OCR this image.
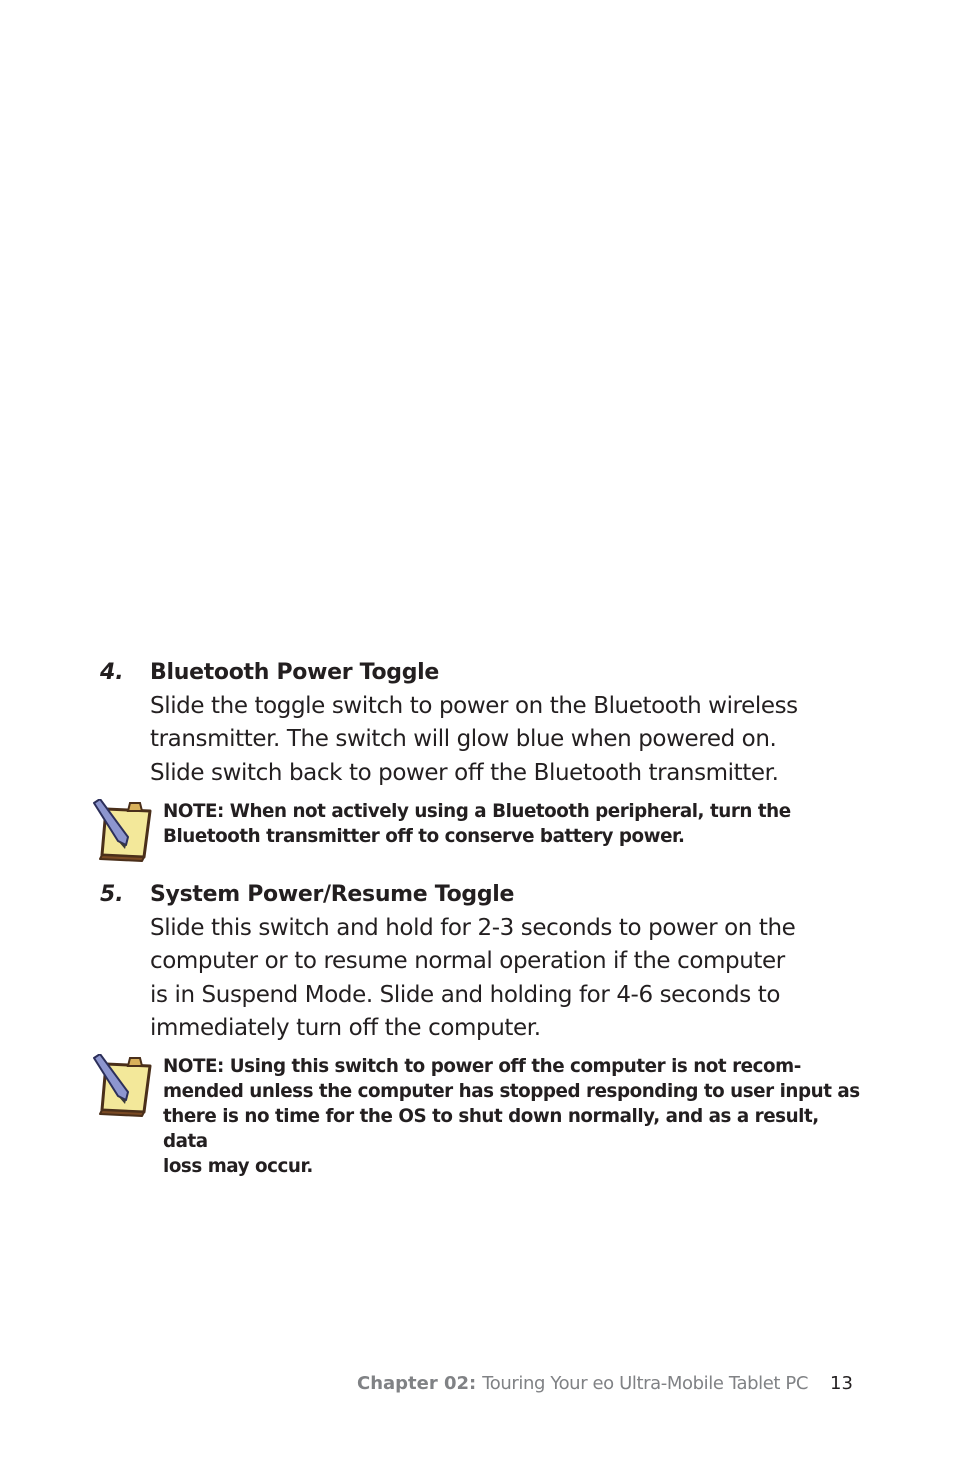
4. Bluetooth Power Toggle
Slide the toggle switch to power on the Bluetooth wireless
transmitter. The switch will glow blue when powered on.
Slide switch back to power off the Bluetooth transmitter.
NOTE: When not actively using a Bluetooth peripheral, turn the
Bluetooth transmitter off to conserve battery power.
5. System Power/Resume Toggle
Slide this switch and hold for 2-3 seconds to power on the
computer or to resume normal operation if the computer
is in Suspend Mode. Slide and holding for 4-6 seconds to
immediately turn off the computer.
NOTE: Using this switch to power off the computer is not recom-
mended unless the computer has stopped responding to user input as
there is no time for the OS to shut down normally, and as a result, data
loss may occur.
Chapter 02: Touring Your eo Ultra-Mobile Tablet PC 13
